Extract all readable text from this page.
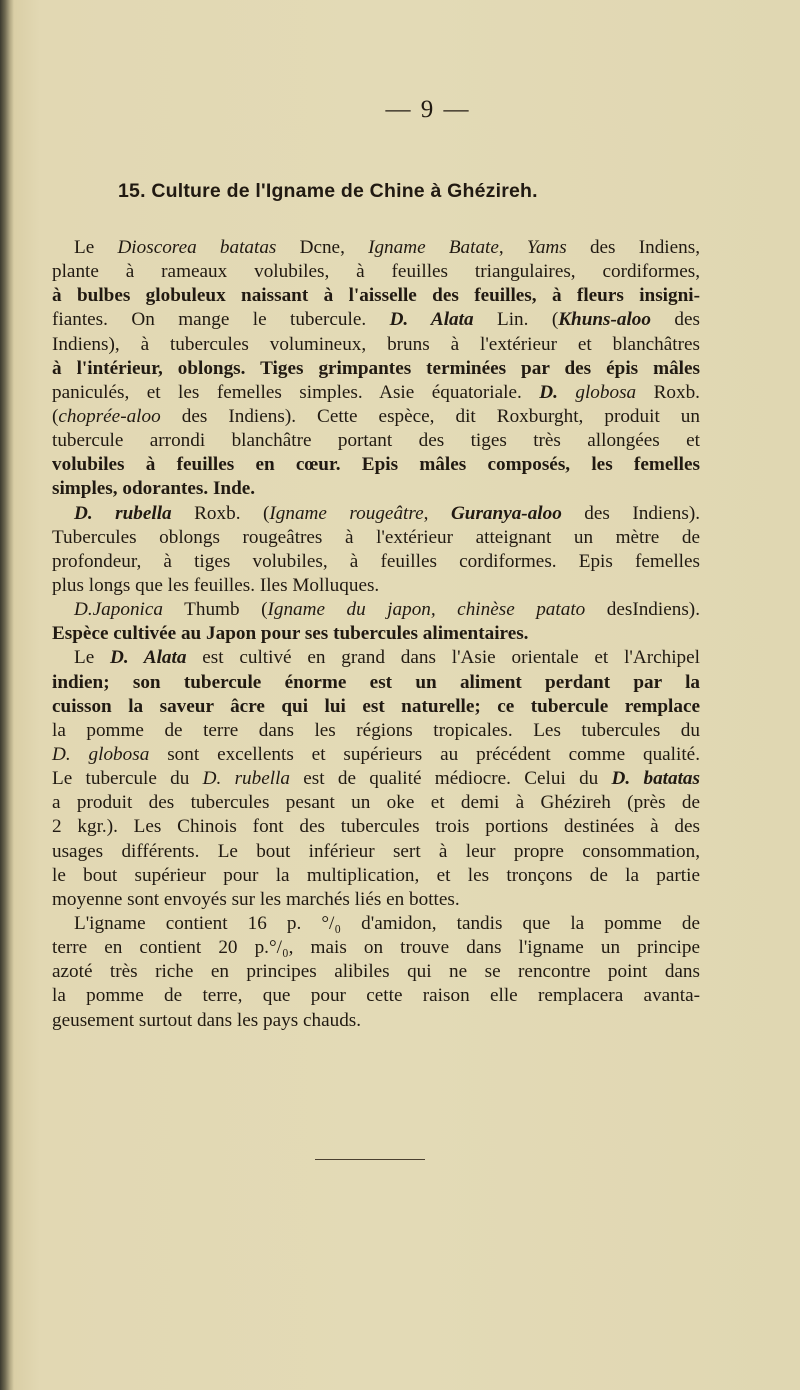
— 9 —
15. Culture de l'Igname de Chine à Ghézireh.
Le Dioscorea batatas Dcne, Igname Batate, Yams des Indiens,
plante à rameaux volubiles, à feuilles triangulaires, cordiformes,
à bulbes globuleux naissant à l'aisselle des feuilles, à fleurs insigni-
fiantes. On mange le tubercule. D. Alata Lin. (Khuns-aloo des
Indiens), à tubercules volumineux, bruns à l'extérieur et blanchâtres
à l'intérieur, oblongs. Tiges grimpantes terminées par des épis mâles
paniculés, et les femelles simples. Asie équatoriale. D. globosa Roxb.
(choprée-aloo des Indiens). Cette espèce, dit Roxburght, produit un
tubercule arrondi blanchâtre portant des tiges très allongées et
volubiles à feuilles en cœur. Epis mâles composés, les femelles
simples, odorantes. Inde.
D. rubella Roxb. (Igname rougeâtre, Guranya-aloo des Indiens).
Tubercules oblongs rougeâtres à l'extérieur atteignant un mètre de
profondeur, à tiges volubiles, à feuilles cordiformes. Epis femelles
plus longs que les feuilles. Iles Molluques.
D.Japonica Thumb (Igname du japon, chinèse patato desIndiens).
Espèce cultivée au Japon pour ses tubercules alimentaires.
Le D. Alata est cultivé en grand dans l'Asie orientale et l'Archipel
indien; son tubercule énorme est un aliment perdant par la
cuisson la saveur âcre qui lui est naturelle; ce tubercule remplace
la pomme de terre dans les régions tropicales. Les tubercules du
D. globosa sont excellents et supérieurs au précédent comme qualité.
Le tubercule du D. rubella est de qualité médiocre. Celui du D. batatas
a produit des tubercules pesant un oke et demi à Ghézireh (près de
2 kgr.). Les Chinois font des tubercules trois portions destinées à des
usages différents. Le bout inférieur sert à leur propre consommation,
le bout supérieur pour la multiplication, et les tronçons de la partie
moyenne sont envoyés sur les marchés liés en bottes.
L'igname contient 16 p. °/₀ d'amidon, tandis que la pomme de
terre en contient 20 p.°/₀, mais on trouve dans l'igname un principe
azoté très riche en principes alibiles qui ne se rencontre point dans
la pomme de terre, que pour cette raison elle remplacera avanta-
geusement surtout dans les pays chauds.
